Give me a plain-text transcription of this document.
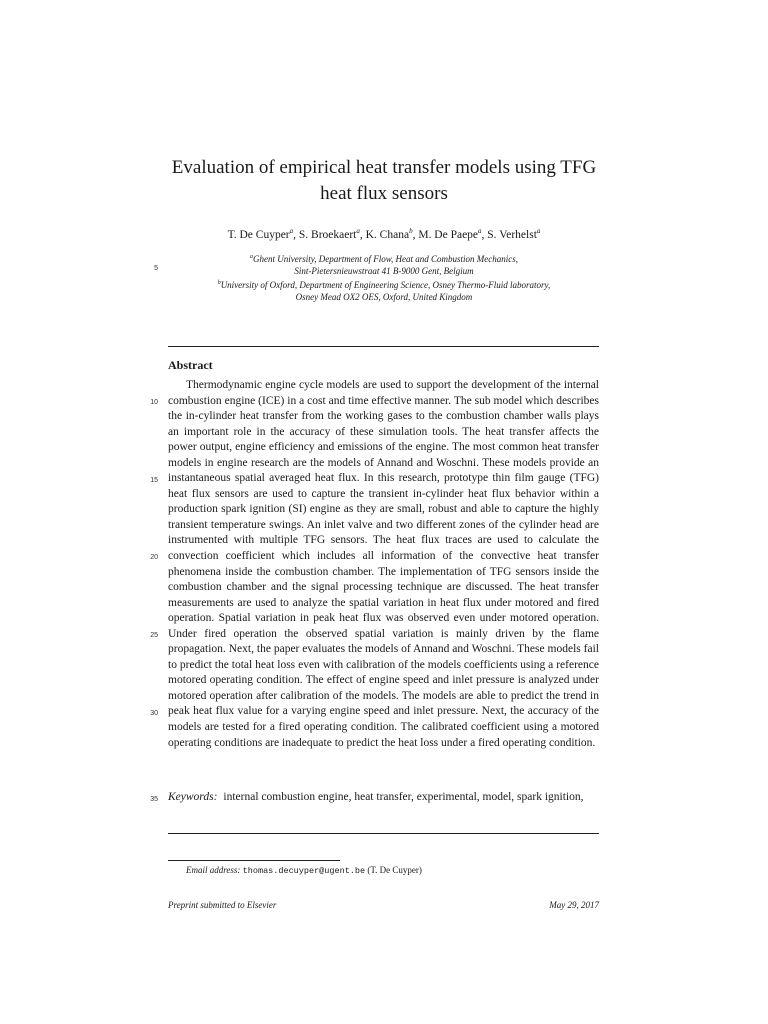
Evaluation of empirical heat transfer models using TFG
heat flux sensors
T. De Cuyper$^a$, S. Broekaert$^a$, K. Chana$^b$, M. De Paepe$^a$, S. Verhelst$^a$
$^a$Ghent University, Department of Flow, Heat and Combustion Mechanics,
Sint-Pietersnieuwstraat 41 B-9000 Gent, Belgium
$^b$University of Oxford, Department of Engineering Science, Osney Thermo-Fluid laboratory,
Osney Mead OX2 OES, Oxford, United Kingdom
5
10
15
20
25
30
35
Abstract

Thermodynamic engine cycle models are used to support the development of the internal combustion engine (ICE) in a cost and time effective manner. The sub model which describes the in-cylinder heat transfer from the working gases to the combustion chamber walls plays an important role in the accuracy of these simulation tools. The heat transfer affects the power output, engine efficiency and emissions of the engine. The most common heat transfer models in engine research are the models of Annand and Woschni. These models provide an instantaneous spatial averaged heat flux. In this research, prototype thin film gauge (TFG) heat flux sensors are used to capture the transient in-cylinder heat flux behavior within a production spark ignition (SI) engine as they are small, robust and able to capture the highly transient temperature swings. An inlet valve and two different zones of the cylinder head are instrumented with multiple TFG sensors. The heat flux traces are used to calculate the convection coefficient which includes all information of the convective heat transfer phenomena inside the combustion chamber. The implementation of TFG sensors inside the combustion chamber and the signal processing technique are discussed. The heat transfer measurements are used to analyze the spatial variation in heat flux under motored and fired operation. Spatial variation in peak heat flux was observed even under motored operation. Under fired operation the observed spatial variation is mainly driven by the flame propagation. Next, the paper evaluates the models of Annand and Woschni. These models fail to predict the total heat loss even with calibration of the models coefficients using a reference motored operating condition. The effect of engine speed and inlet pressure is analyzed under motored operation after calibration of the models. The models are able to predict the trend in peak heat flux value for a varying engine speed and inlet pressure. Next, the accuracy of the models are tested for a fired operating condition. The calibrated coefficient using a motored operating conditions are inadequate to predict the heat loss under a fired operating condition.

Keywords: internal combustion engine, heat transfer, experimental, model, spark ignition,
Email address: thomas.decuyper@ugent.be (T. De Cuyper)
Preprint submitted to Elsevier	May 29, 2017
